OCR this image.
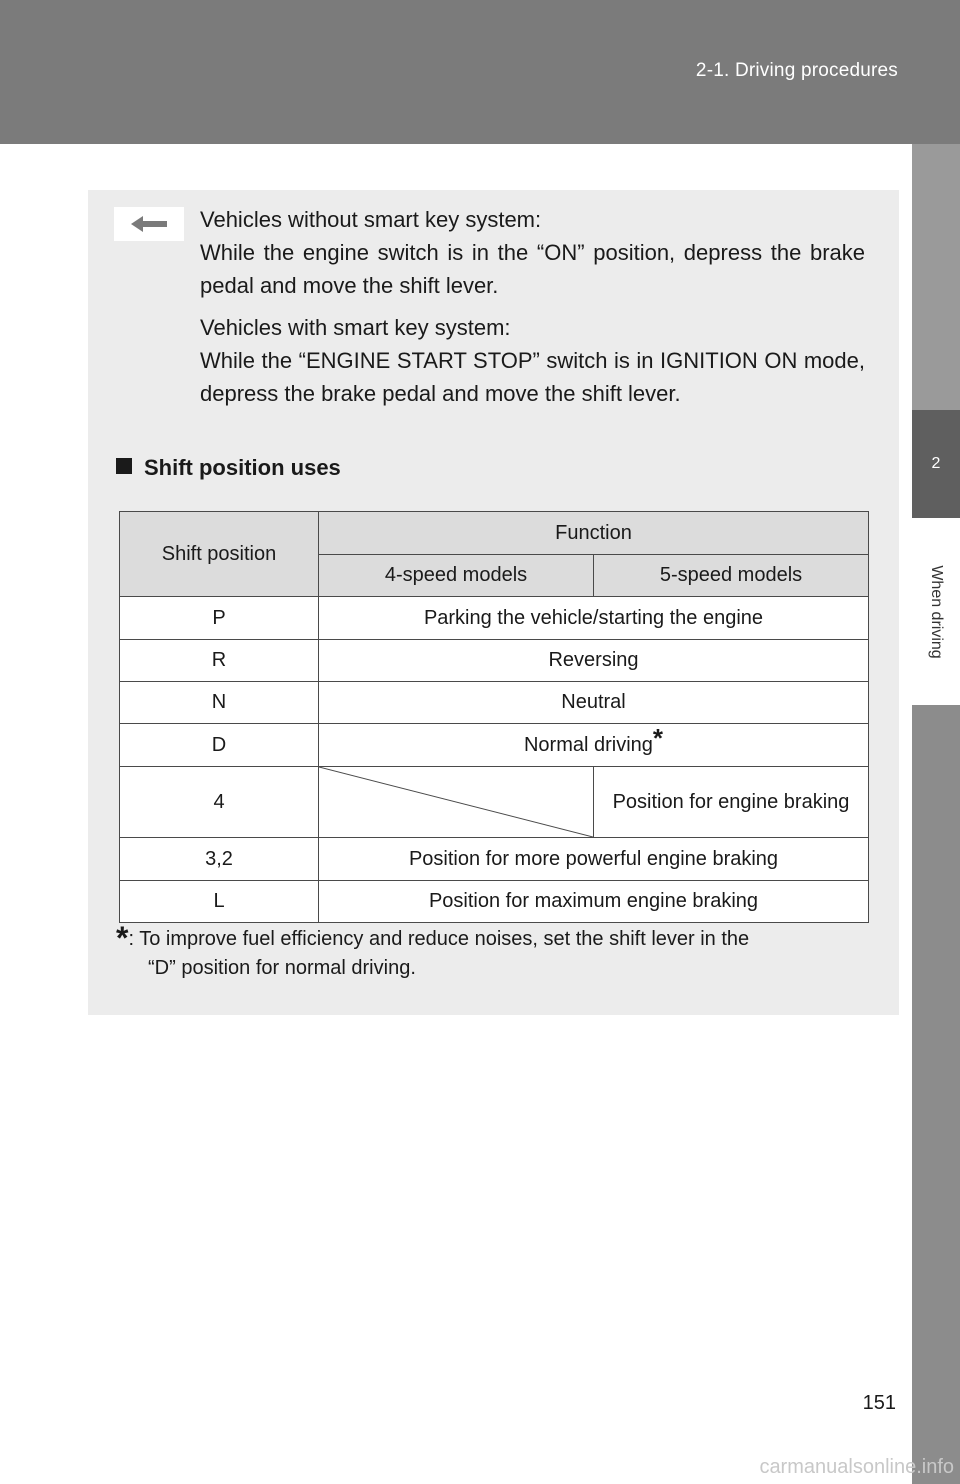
2-1. Driving procedures
2
When driving

Vehicles without smart key system:
While the engine switch is in the “ON” position, depress the brake pedal and move the shift lever.

Vehicles with smart key system:
While the “ENGINE START STOP” switch is in IGNITION ON mode, depress the brake pedal and move the shift lever.

Shift position uses

Shift position	Function	
	4-speed models	5-speed models
P	Parking the vehicle/starting the engine	
R	Reversing	
N	Neutral	
D	Normal driving*	
4		Position for engine braking
3,2	Position for more powerful engine braking	
L	Position for maximum engine braking	

*: To improve fuel efficiency and reduce noises, set the shift lever in the
“D” position for normal driving.

151
carmanualsonline.info
